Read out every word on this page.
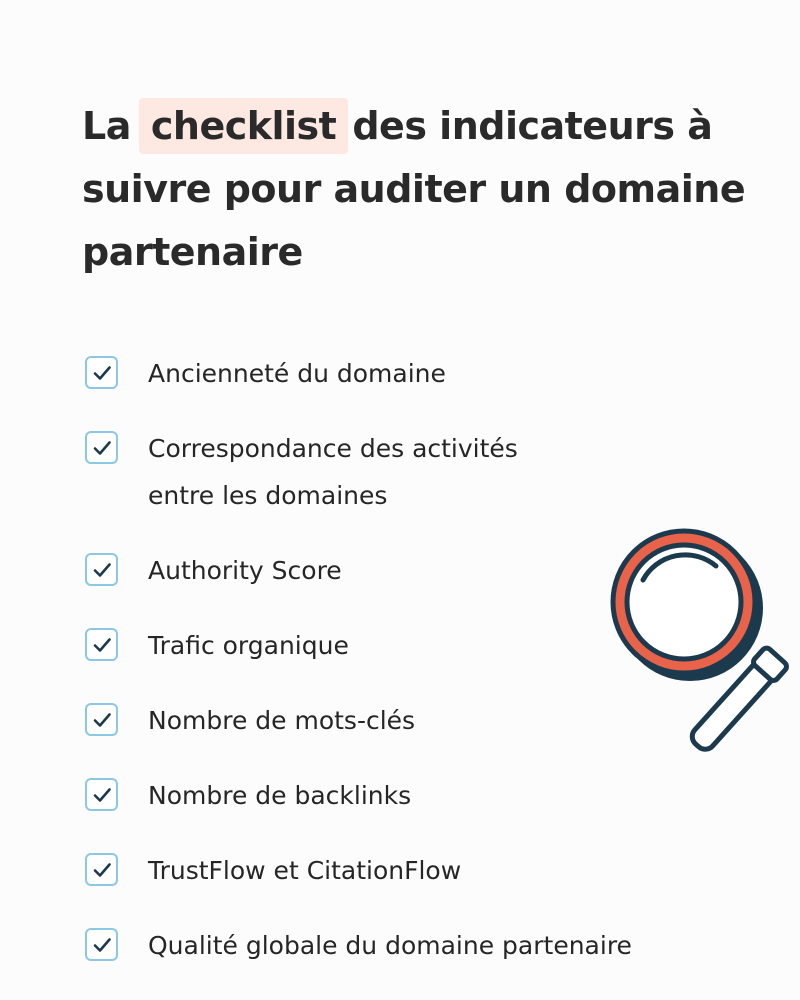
La checklist des indicateurs à suivre pour auditer un domaine partenaire
Ancienneté du domaine
Correspondance des activités
entre les domaines
Authority Score
Trafic organique
Nombre de mots-clés
Nombre de backlinks
TrustFlow et CitationFlow
Qualité globale du domaine partenaire
